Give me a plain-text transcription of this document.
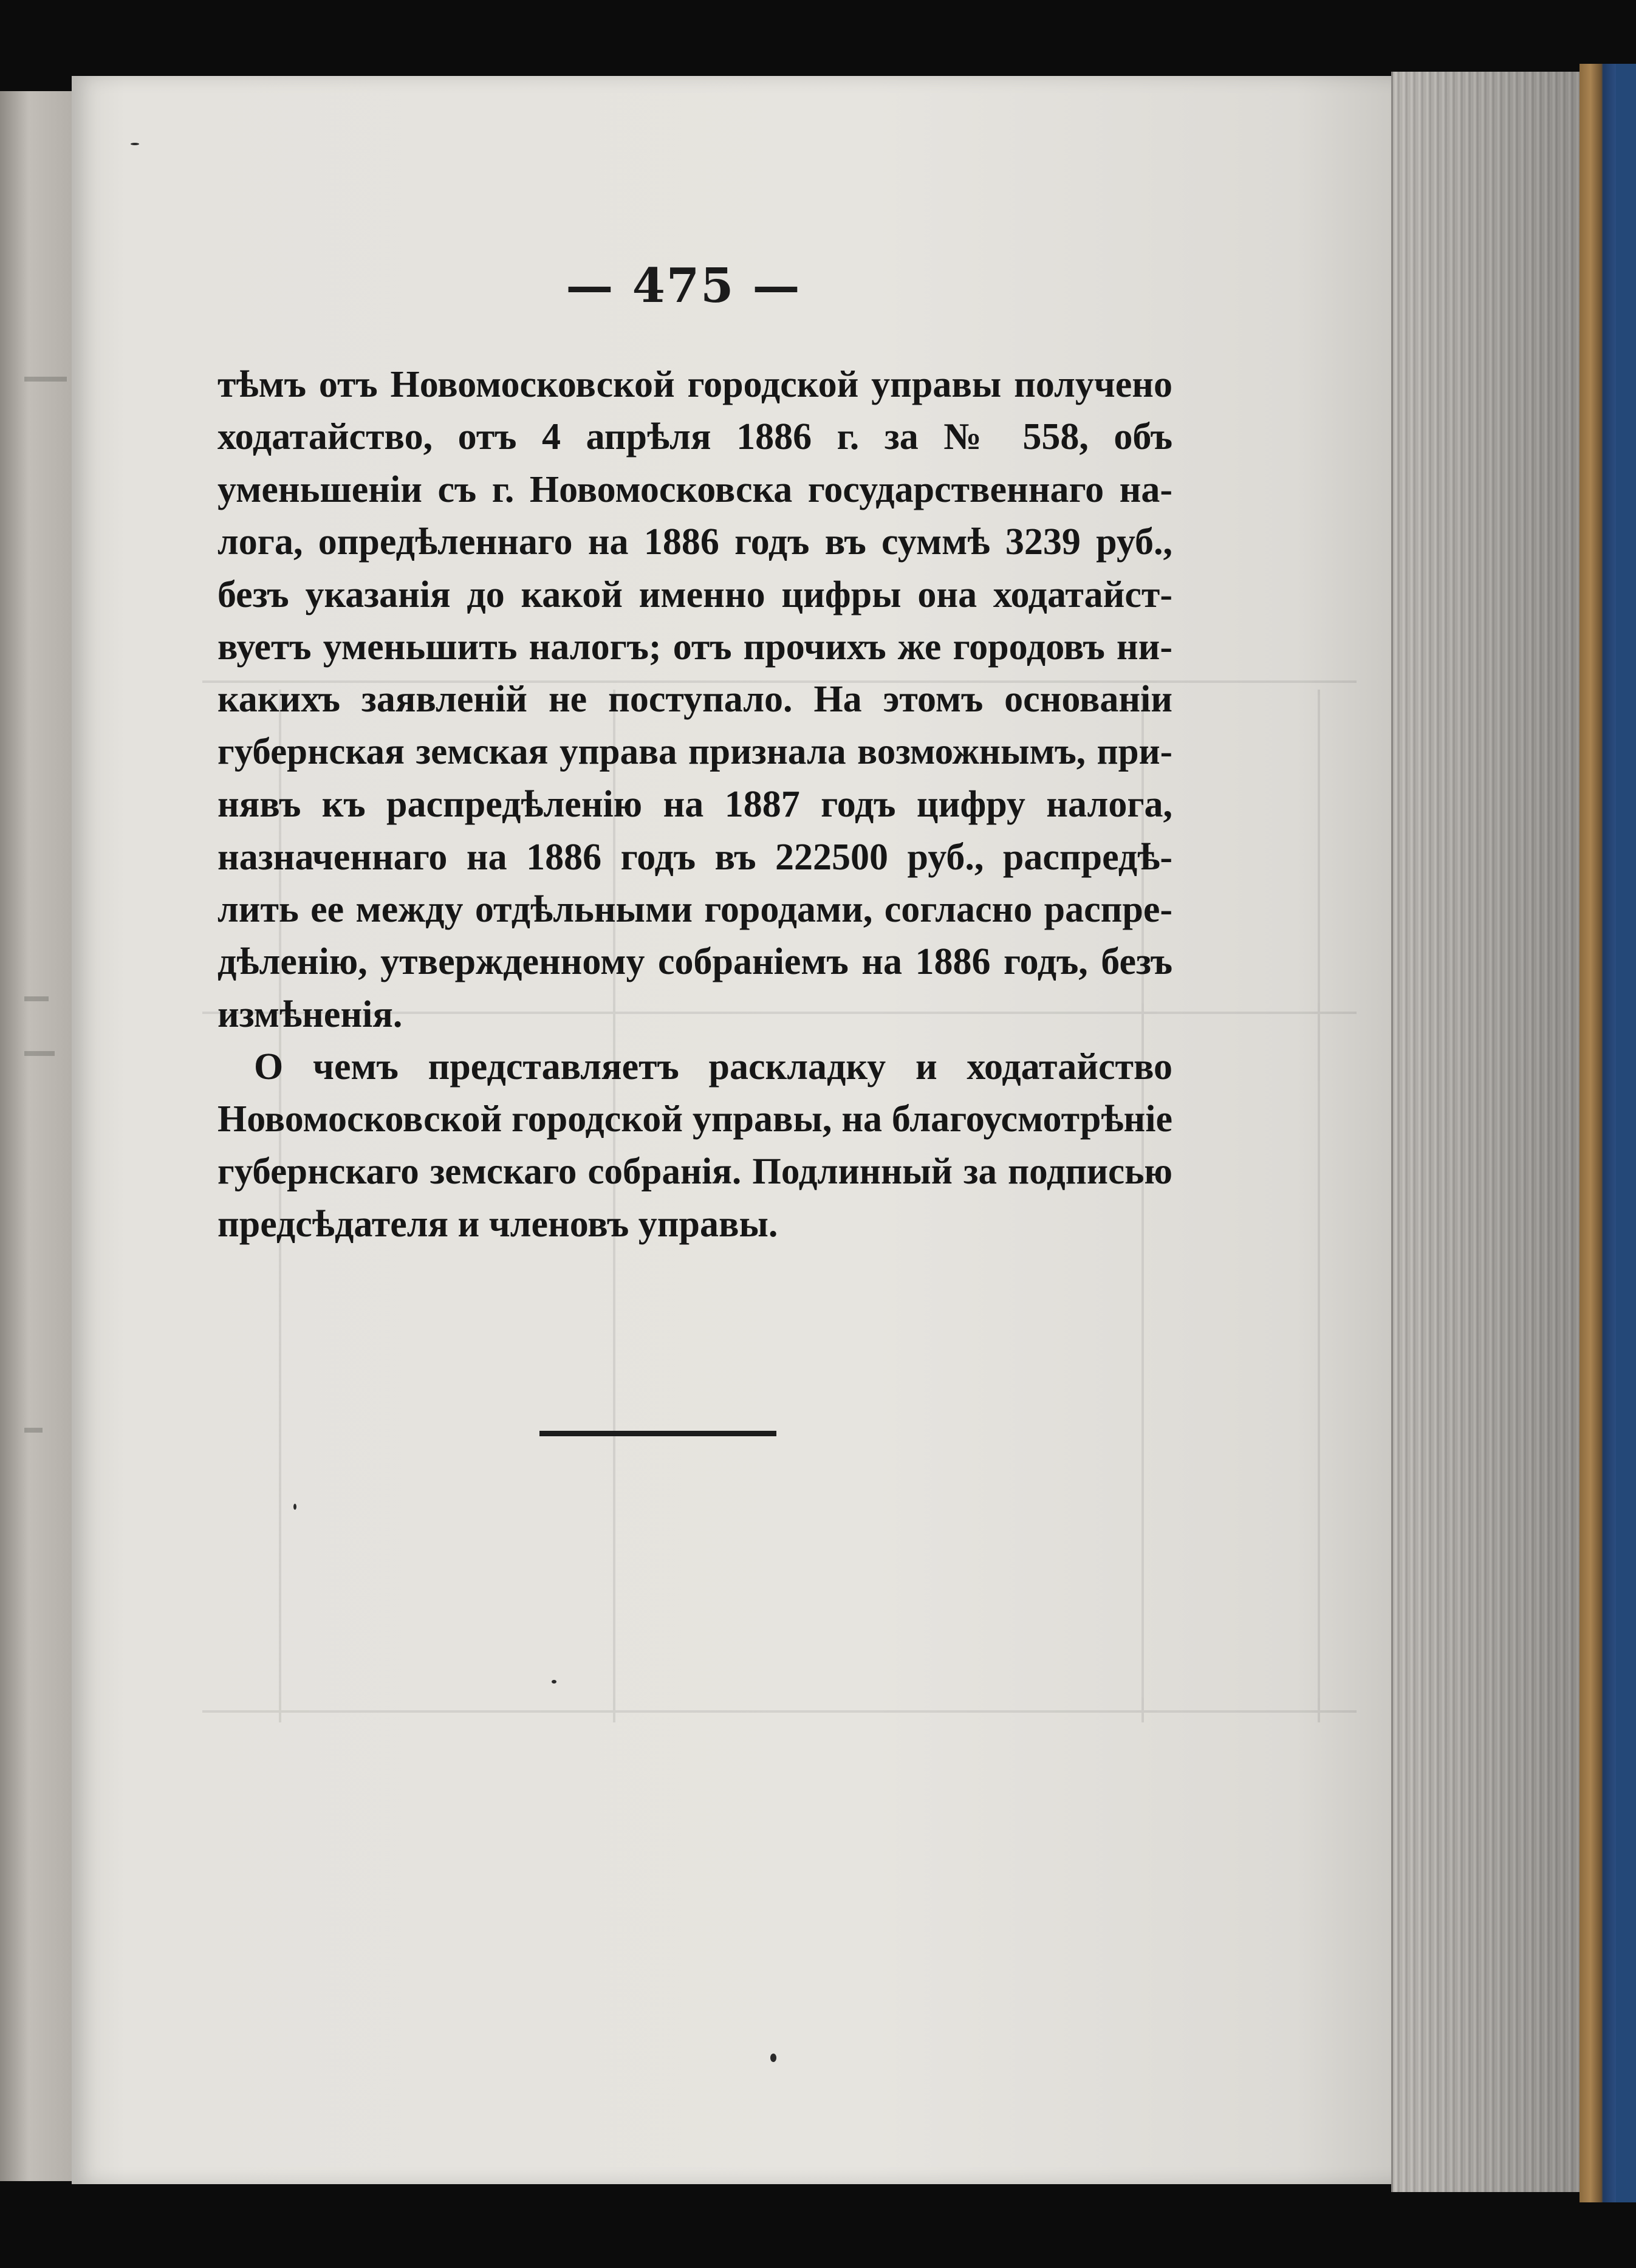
— 475 —
тѣмъ отъ Новомосковской городской управы получено
ходатайство, отъ 4 апрѣля 1886 г. за № 558, объ
уменьшеніи съ г. Новомосковска государственнаго на-
лога, опредѣленнаго на 1886 годъ въ суммѣ 3239 руб.,
безъ указанія до какой именно цифры она ходатайст-
вуетъ уменьшить налогъ; отъ прочихъ же городовъ ни-
какихъ заявленій не поступало. На этомъ основаніи
губернская земская управа признала возможнымъ, при-
нявъ къ распредѣленію на 1887 годъ цифру налога,
назначеннаго на 1886 годъ въ 222500 руб., распредѣ-
лить ее между отдѣльными городами, согласно распре-
дѣленію, утвержденному собраніемъ на 1886 годъ, безъ
измѣненія.
О чемъ представляетъ раскладку и ходатайство
Новомосковской городской управы, на благоусмотрѣніе
губернскаго земскаго собранія. Подлинный за подписью
предсѣдателя и членовъ управы.
